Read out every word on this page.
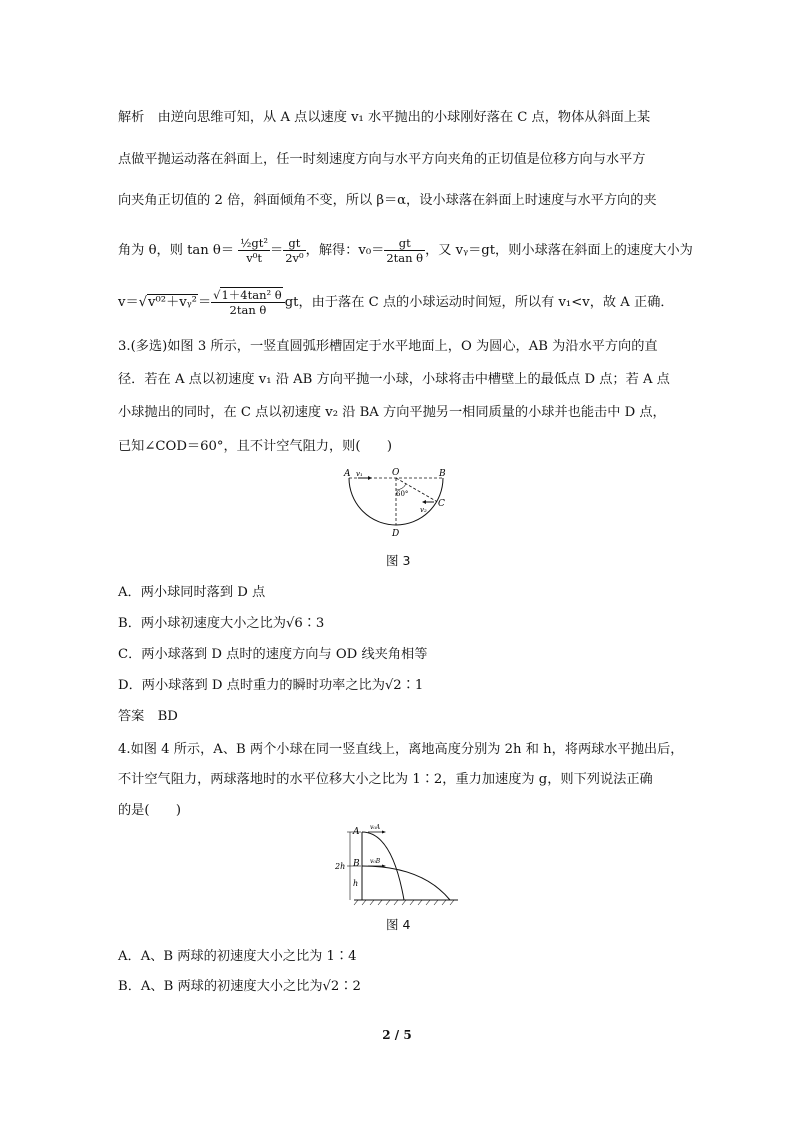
解析  由逆向思维可知，从 A 点以速度 v₁ 水平抛出的小球刚好落在 C 点，物体从斜面上某
点做平抛运动落在斜面上，任一时刻速度方向与水平方向夹角的正切值是位移方向与水平方
向夹角正切值的 2 倍，斜面倾角不变，所以 β＝α，设小球落在斜面上时速度与水平方向的夹
角为 θ，则 $\tan \theta= \frac{\text{½gt²}}{\text{v⁰t}} = \frac{gt}{\text{2v⁰}}$ ，解得：$v_0= \frac{gt}{\text{2tan θ}}$ ，又 vᵧ＝gt，则小球落在斜面上的速度大小为
v＝√v⁰²＋vᵧ²＝ $\frac{\text{√1＋4tan² θ}}{\text{2tan θ}}$ gt，由于落在 C 点的小球运动时间短，所以有 v₁<v，故 A 正确．
3.(多选)如图 3 所示，一竖直圆弧形槽固定于水平地面上，O 为圆心，AB 为沿水平方向的直
径．若在 A 点以初速度 v₁ 沿 AB 方向平抛一小球，小球将击中槽壁上的最低点 D 点；若 A 点
小球抛出的同时，在 C 点以初速度 v₂ 沿 BA 方向平抛另一相同质量的小球并也能击中 D 点，
已知∠COD＝60°，且不计空气阻力，则(　　)
A v₁	O	B
60°
v₂
C
D
图 3
A．两小球同时落到 D 点
B．两小球初速度大小之比为√6∶3
C．两小球落到 D 点时的速度方向与 OD 线夹角相等
D．两小球落到 D 点时重力的瞬时功率之比为√2∶1
答案  BD
4.如图 4 所示，A、B 两个小球在同一竖直线上，离地高度分别为 2h 和 h，将两球水平抛出后，
不计空气阻力，两球落地时的水平位移大小之比为 1∶2，重力加速度为 g，则下列说法正确
的是(　　)
A v₀A
B v₀B
2h
h
图 4
A．A、B 两球的初速度大小之比为 1∶4
B．A、B 两球的初速度大小之比为√2∶2
2 / 5
